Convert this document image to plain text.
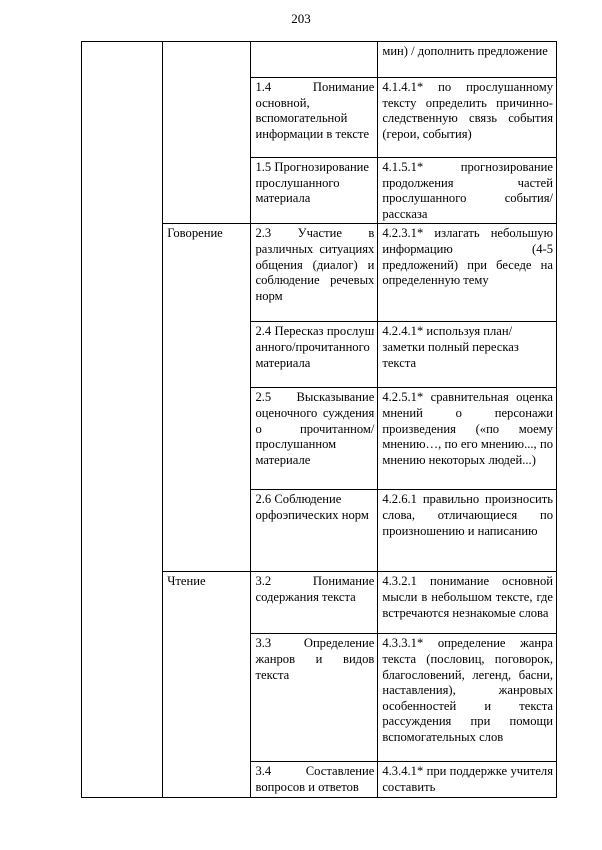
203

			мин) / дополнить предложение

		1.4 Понимание основной, вспомогательной информации в тексте	4.1.4.1* по прослушанному тексту определить причинно-следственную связь события (герои, события)

		1.5 Прогнозирование прослушанного материала	4.1.5.1* прогнозирование продолжения частей прослушанного события/рассказа

	Говорение	2.3 Участие в различных ситуациях общения (диалог) и соблюдение речевых норм	4.2.3.1* излагать небольшую информацию (4-5 предложений) при беседе на определенную тему

		2.4 Пересказ прослушанного/прочитанногоматериала	4.2.4.1* используя план/заметки полный пересказ текста

		2.5 Высказывание оценочного суждения о прочитанном/ прослушанном материале	4.2.5.1* сравнительная оценка мнений о персонажи произведения («по моему мнению…, по его мнению..., по мнению некоторых людей...)

		2.6 Соблюдение орфоэпических норм	4.2.6.1 правильно произносить слова, отличающиеся по произношению и написанию

	Чтение	3.2 Понимание содержания текста	4.3.2.1 понимание основной мысли в небольшом тексте, где встречаются незнакомые слова

		3.3 Определение жанров и видов текста	4.3.3.1* определение жанра текста (пословиц, поговорок, благословений, легенд, басни, наставления), жанровых особенностей и текста рассуждения при помощи вспомогательных слов

		3.4 Составление вопросов и ответов	4.3.4.1* при поддержке учителя составить
